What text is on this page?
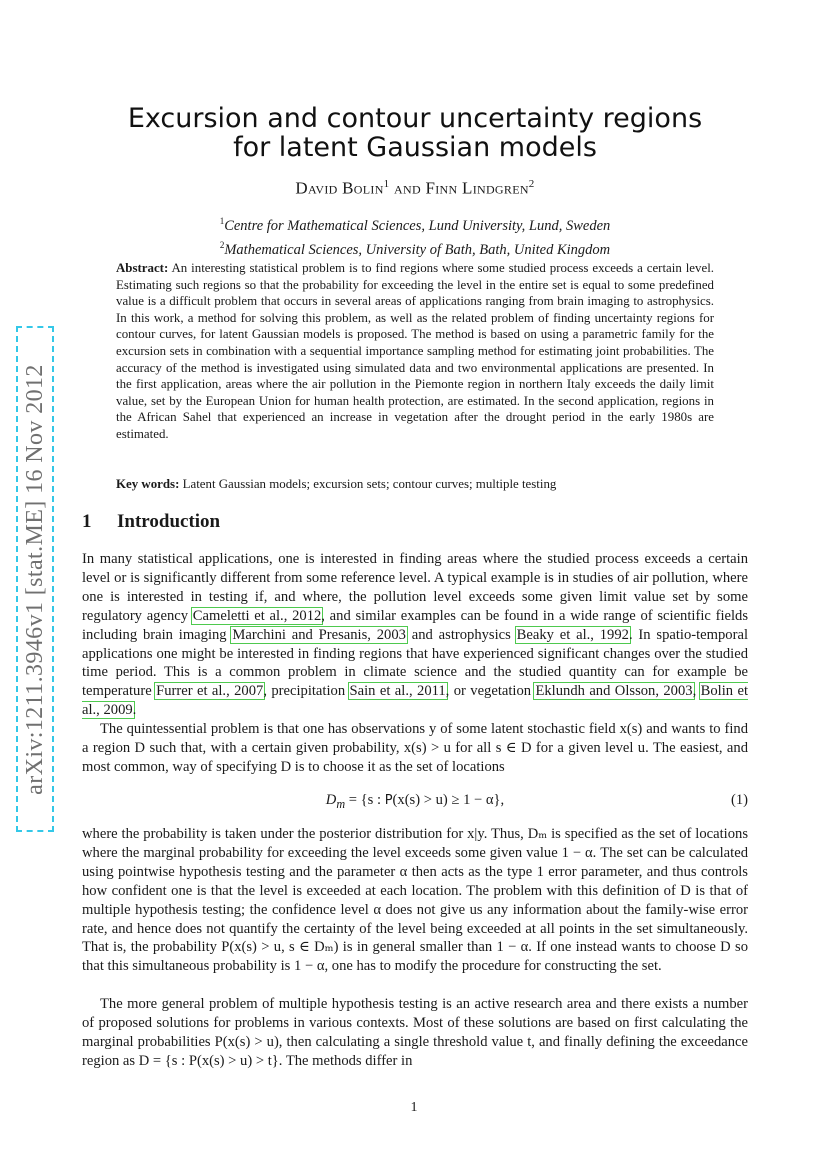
arXiv:1211.3946v1 [stat.ME] 16 Nov 2012
Excursion and contour uncertainty regions
for latent Gaussian models
David Bolin$^1$ and Finn Lindgren$^2$
$^1$Centre for Mathematical Sciences, Lund University, Lund, Sweden
$^2$Mathematical Sciences, University of Bath, Bath, United Kingdom

Abstract: An interesting statistical problem is to find regions where some studied process exceeds a certain level. Estimating such regions so that the probability for exceeding the level in the entire set is equal to some predefined value is a difficult problem that occurs in several areas of applications ranging from brain imaging to astrophysics. In this work, a method for solving this problem, as well as the related problem of finding uncertainty regions for contour curves, for latent Gaussian models is proposed. The method is based on using a parametric family for the excursion sets in combination with a sequential importance sampling method for estimating joint probabilities. The accuracy of the method is investigated using simulated data and two environmental applications are presented. In the first application, areas where the air pollution in the Piemonte region in northern Italy exceeds the daily limit value, set by the European Union for human health protection, are estimated. In the second application, regions in the African Sahel that experienced an increase in vegetation after the drought period in the early 1980s are estimated.

Key words: Latent Gaussian models; excursion sets; contour curves; multiple testing
1 Introduction

In many statistical applications, one is interested in finding areas where the studied process exceeds a certain level or is significantly different from some reference level. A typical example is in studies of air pollution, where one is interested in testing if, and where, the pollution level exceeds some given limit value set by some regulatory agency Cameletti et al., 2012, and similar examples can be found in a wide range of scientific fields including brain imaging Marchini and Presanis, 2003 and astrophysics Beaky et al., 1992. In spatio-temporal applications one might be interested in finding regions that have experienced significant changes over the studied time period. This is a common problem in climate science and the studied quantity can for example be temperature Furrer et al., 2007, precipitation Sain et al., 2011, or vegetation Eklundh and Olsson, 2003, Bolin et al., 2009.

The quintessential problem is that one has observations y of some latent stochastic field x(s) and wants to find a region D such that, with a certain given probability, x(s) > u for all s ∈ D for a given level u. The easiest, and most common, way of specifying D is to choose it as the set of locations

$D_m = \{s$ : P(x(s) > u) ≥ 1 − α},	(1)

where the probability is taken under the posterior distribution for x|y. Thus, Dₘ is specified as the set of locations where the marginal probability for exceeding the level exceeds some given value 1 − α. The set can be calculated using pointwise hypothesis testing and the parameter α then acts as the type 1 error parameter, and thus controls how confident one is that the level is exceeded at each location. The problem with this definition of D is that of multiple hypothesis testing; the confidence level α does not give us any information about the family-wise error rate, and hence does not quantify the certainty of the level being exceeded at all points in the set simultaneously. That is, the probability P(x(s) > u, s ∈ Dₘ) is in general smaller than 1 − α. If one instead wants to choose D so that this simultaneous probability is 1 − α, one has to modify the procedure for constructing the set.

The more general problem of multiple hypothesis testing is an active research area and there exists a number of proposed solutions for problems in various contexts. Most of these solutions are based on first calculating the marginal probabilities P(x(s) > u), then calculating a single threshold value t, and finally defining the exceedance region as D = {s : P(x(s) > u) > t}. The methods differ in

1
